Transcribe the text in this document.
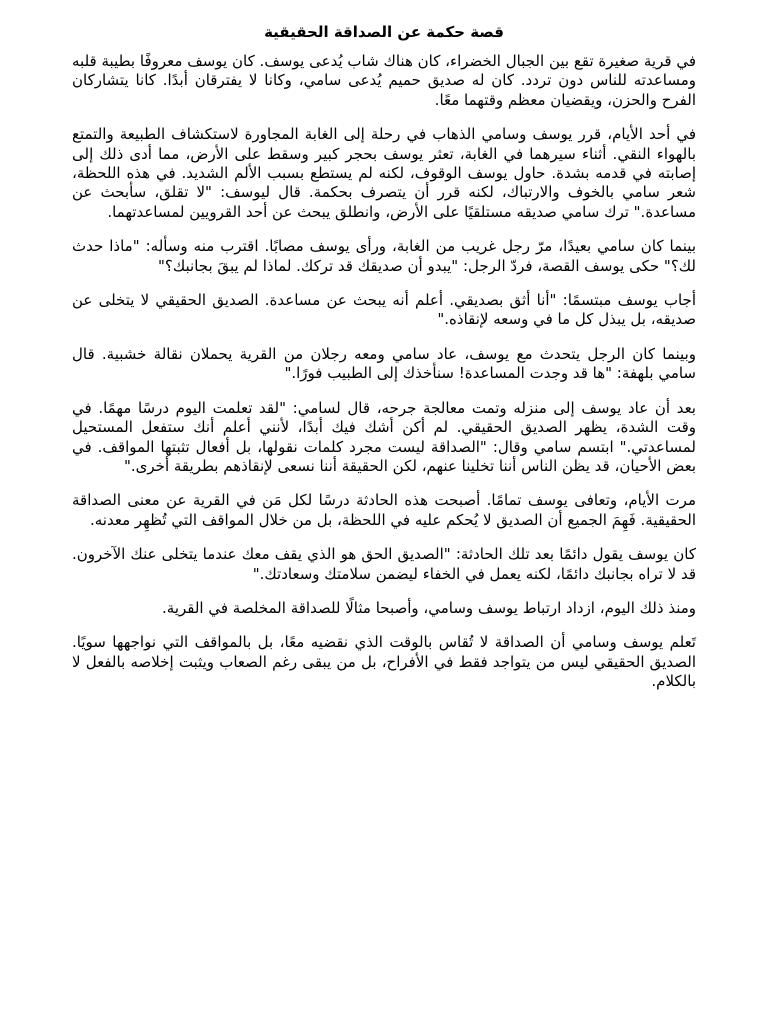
قصة حكمة عن الصداقة الحقيقية

في قرية صغيرة تقع بين الجبال الخضراء، كان هناك شاب يُدعى يوسف. كان يوسف معروفًا بطيبة قلبه ومساعدته للناس دون تردد. كان له صديق حميم يُدعى سامي، وكانا لا يفترقان أبدًا. كانا يتشاركان الفرح والحزن، ويقضيان معظم وقتهما معًا.

في أحد الأيام، قرر يوسف وسامي الذهاب في رحلة إلى الغابة المجاورة لاستكشاف الطبيعة والتمتع بالهواء النقي. أثناء سيرهما في الغابة، تعثر يوسف بحجر كبير وسقط على الأرض، مما أدى ذلك إلى إصابته في قدمه بشدة. حاول يوسف الوقوف، لكنه لم يستطع بسبب الألم الشديد. في هذه اللحظة، شعر سامي بالخوف والارتباك، لكنه قرر أن يتصرف بحكمة. قال ليوسف: "لا تقلق، سأبحث عن مساعدة." ترك سامي صديقه مستلقيًا على الأرض، وانطلق يبحث عن أحد القرويين لمساعدتهما.

بينما كان سامي بعيدًا، مرّ رجل غريب من الغابة، ورأى يوسف مصابًا. اقترب منه وسأله: "ماذا حدث لك؟" حكى يوسف القصة، فردّ الرجل: "يبدو أن صديقك قد تركك. لماذا لم يبقَ بجانبك؟"

أجاب يوسف مبتسمًا: "أنا أثق بصديقي. أعلم أنه يبحث عن مساعدة. الصديق الحقيقي لا يتخلى عن صديقه، بل يبذل كل ما في وسعه لإنقاذه."

وبينما كان الرجل يتحدث مع يوسف، عاد سامي ومعه رجلان من القرية يحملان نقالة خشبية. قال سامي بلهفة: "ها قد وجدت المساعدة! سنأخذك إلى الطبيب فورًا."

بعد أن عاد يوسف إلى منزله وتمت معالجة جرحه، قال لسامي: "لقد تعلمت اليوم درسًا مهمًا. في وقت الشدة، يظهر الصديق الحقيقي. لم أكن أشك فيك أبدًا، لأنني أعلم أنك ستفعل المستحيل لمساعدتي." ابتسم سامي وقال: "الصداقة ليست مجرد كلمات نقولها، بل أفعال تثبتها المواقف. في بعض الأحيان، قد يظن الناس أننا تخلينا عنهم، لكن الحقيقة أننا نسعى لإنقاذهم بطريقة أخرى."

مرت الأيام، وتعافى يوسف تمامًا. أصبحت هذه الحادثة درسًا لكل مَن في القرية عن معنى الصداقة الحقيقية. فَهِمَ الجميع أن الصديق لا يُحكم عليه في اللحظة، بل من خلال المواقف التي تُظهِر معدنه.

كان يوسف يقول دائمًا بعد تلك الحادثة: "الصديق الحق هو الذي يقف معك عندما يتخلى عنك الآخرون. قد لا تراه بجانبك دائمًا، لكنه يعمل في الخفاء ليضمن سلامتك وسعادتك."

ومنذ ذلك اليوم، ازداد ارتباط يوسف وسامي، وأصبحا مثالًا للصداقة المخلصة في القرية.

تَعلم يوسف وسامي أن الصداقة لا تُقاس بالوقت الذي نقضيه معًا، بل بالمواقف التي نواجهها سويًا. الصديق الحقيقي ليس من يتواجد فقط في الأفراح، بل من يبقى رغم الصعاب ويثبت إخلاصه بالفعل لا بالكلام.
